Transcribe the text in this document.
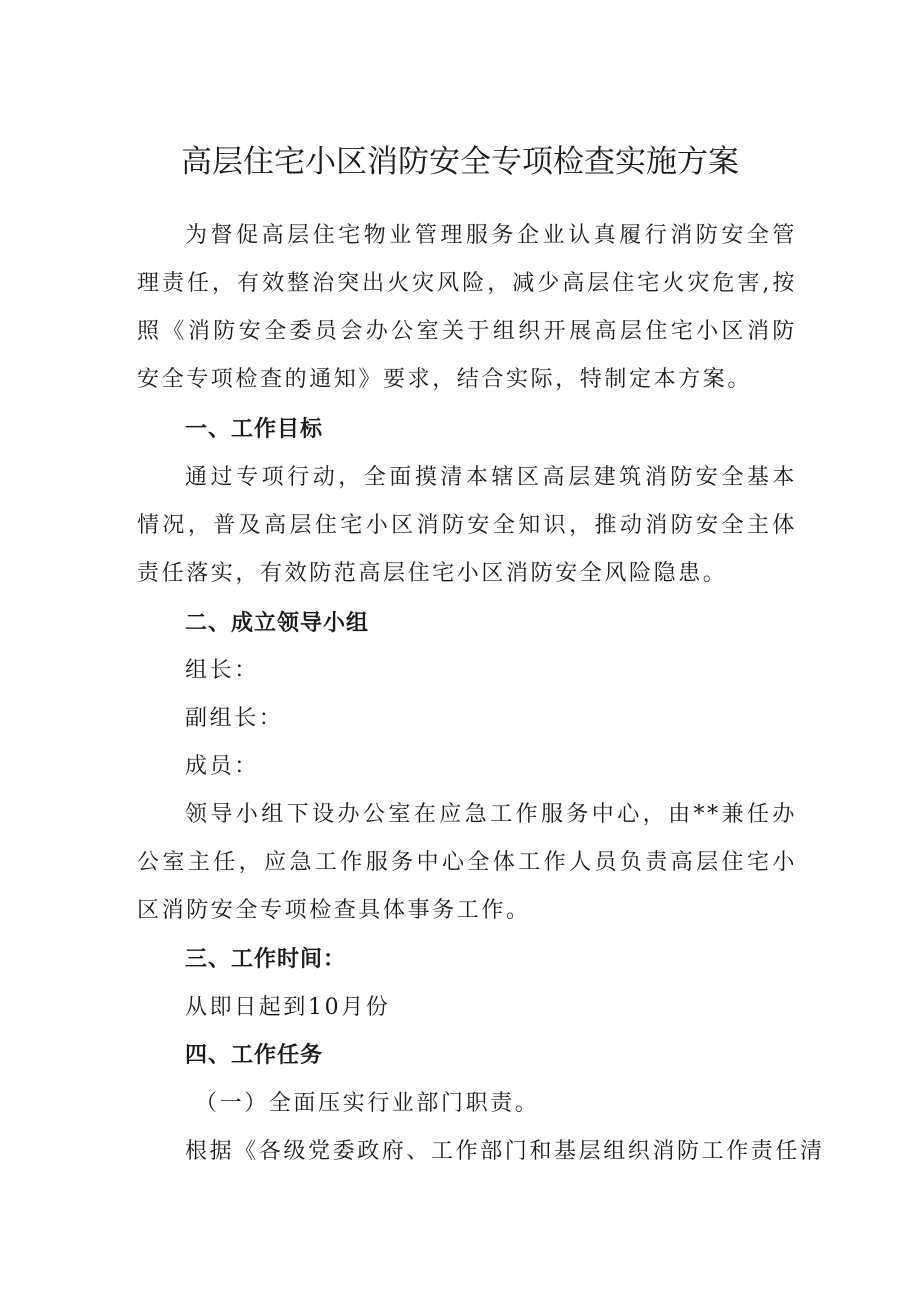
高层住宅小区消防安全专项检查实施方案

为督促高层住宅物业管理服务企业认真履行消防安全管理责任，有效整治突出火灾风险，减少高层住宅火灾危害,按照《消防安全委员会办公室关于组织开展高层住宅小区消防安全专项检查的通知》要求，结合实际，特制定本方案。

一、工作目标

通过专项行动，全面摸清本辖区高层建筑消防安全基本情况，普及高层住宅小区消防安全知识，推动消防安全主体责任落实，有效防范高层住宅小区消防安全风险隐患。

二、成立领导小组

组长：

副组长：

成员：

领导小组下设办公室在应急工作服务中心，由**兼任办公室主任，应急工作服务中心全体工作人员负责高层住宅小区消防安全专项检查具体事务工作。

三、工作时间：

从即日起到10月份

四、工作任务

（一）全面压实行业部门职责。

根据《各级党委政府、工作部门和基层组织消防工作责任清
